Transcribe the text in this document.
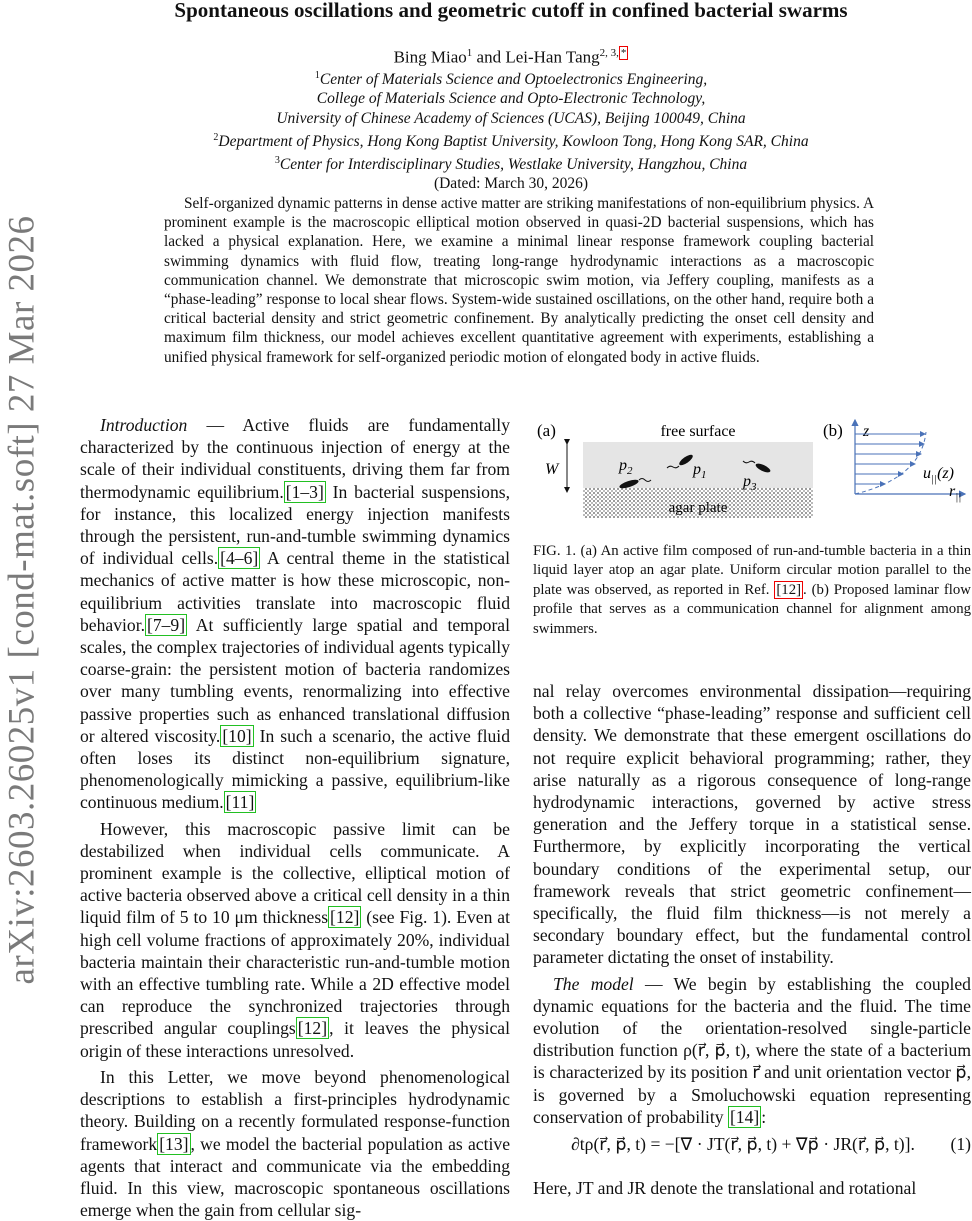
arXiv:2603.26025v1 [cond-mat.soft] 27 Mar 2026
Spontaneous oscillations and geometric cutoff in confined bacterial swarms
Bing Miao$^1$ and Lei-Han Tang$^{2, 3, *}$
$^1$Center of Materials Science and Optoelectronics Engineering,
College of Materials Science and Opto-Electronic Technology,
University of Chinese Academy of Sciences (UCAS), Beijing 100049, China
$^2$Department of Physics, Hong Kong Baptist University, Kowloon Tong, Hong Kong SAR, China
$^3$Center for Interdisciplinary Studies, Westlake University, Hangzhou, China
(Dated: March 30, 2026)

Self-organized dynamic patterns in dense active matter are striking manifestations of non-equilibrium physics. A prominent example is the macroscopic elliptical motion observed in quasi-2D bacterial suspensions, which has lacked a physical explanation. Here, we examine a minimal linear response framework coupling bacterial swimming dynamics with fluid flow, treating long-range hydrodynamic interactions as a macroscopic communication channel. We demonstrate that microscopic swim motion, via Jeffery coupling, manifests as a “phase-leading” response to local shear flows. System-wide sustained oscillations, on the other hand, require both a critical bacterial density and strict geometric confinement. By analytically predicting the onset cell density and maximum film thickness, our model achieves excellent quantitative agreement with experiments, establishing a unified physical framework for self-organized periodic motion of elongated body in active fluids.

Introduction — Active fluids are fundamentally characterized by the continuous injection of energy at the scale of their individual constituents, driving them far from thermodynamic equilibrium. [1–3] In bacterial suspensions, for instance, this localized energy injection manifests through the persistent, run-and-tumble swimming dynamics of individual cells. [4–6] A central theme in the statistical mechanics of active matter is how these microscopic, non-equilibrium activities translate into macroscopic fluid behavior. [7–9] At sufficiently large spatial and temporal scales, the complex trajectories of individual agents typically coarse-grain: the persistent motion of bacteria randomizes over many tumbling events, renormalizing into effective passive properties such as enhanced translational diffusion or altered viscosity. [10] In such a scenario, the active fluid often loses its distinct non-equilibrium signature, phenomenologically mimicking a passive, equilibrium-like continuous medium. [11]

However, this macroscopic passive limit can be destabilized when individual cells communicate. A prominent example is the collective, elliptical motion of active bacteria observed above a critical cell density in a thin liquid film of 5 to 10 μm thickness [12] (see Fig. 1). Even at high cell volume fractions of approximately 20%, individual bacteria maintain their characteristic run-and-tumble motion with an effective tumbling rate. While a 2D effective model can reproduce the synchronized trajectories through prescribed angular couplings [12] , it leaves the physical origin of these interactions unresolved.

In this Letter, we move beyond phenomenological descriptions to establish a first-principles hydrodynamic theory. Building on a recently formulated response-function framework [13] , we model the bacterial population as active agents that interact and communicate via the embedding fluid. In this view, macroscopic spontaneous oscillations emerge when the gain from cellular sig-

(a)	free surface
agar plate
W	$p_2$	$p_1$ $p_3$
(b) z
$r_{||}$
$u_{||}(z)$
FIG. 1. (a) An active film composed of run-and-tumble bacteria in a thin liquid layer atop an agar plate. Uniform circular motion parallel to the plate was observed, as reported in Ref. [12] . (b) Proposed laminar flow profile that serves as a communication channel for alignment among swimmers.

nal relay overcomes environmental dissipation—requiring both a collective “phase-leading” response and sufficient cell density. We demonstrate that these emergent oscillations do not require explicit behavioral programming; rather, they arise naturally as a rigorous consequence of long-range hydrodynamic interactions, governed by active stress generation and the Jeffery torque in a statistical sense. Furthermore, by explicitly incorporating the vertical boundary conditions of the experimental setup, our framework reveals that strict geometric confinement—specifically, the fluid film thickness—is not merely a secondary boundary effect, but the fundamental control parameter dictating the onset of instability.

The model — We begin by establishing the coupled dynamic equations for the bacteria and the fluid. The time evolution of the orientation-resolved single-particle distribution function ρ(r⃗, p⃗, t), where the state of a bacterium is characterized by its position r⃗ and unit orientation vector p⃗, is governed by a Smoluchowski equation representing conservation of probability [14] :

∂tρ(r⃗, p⃗, t) = −[∇ · JT(r⃗, p⃗, t) + ∇p⃗ · JR(r⃗, p⃗, t)].	(1)
Here, JT and JR denote the translational and rotational
